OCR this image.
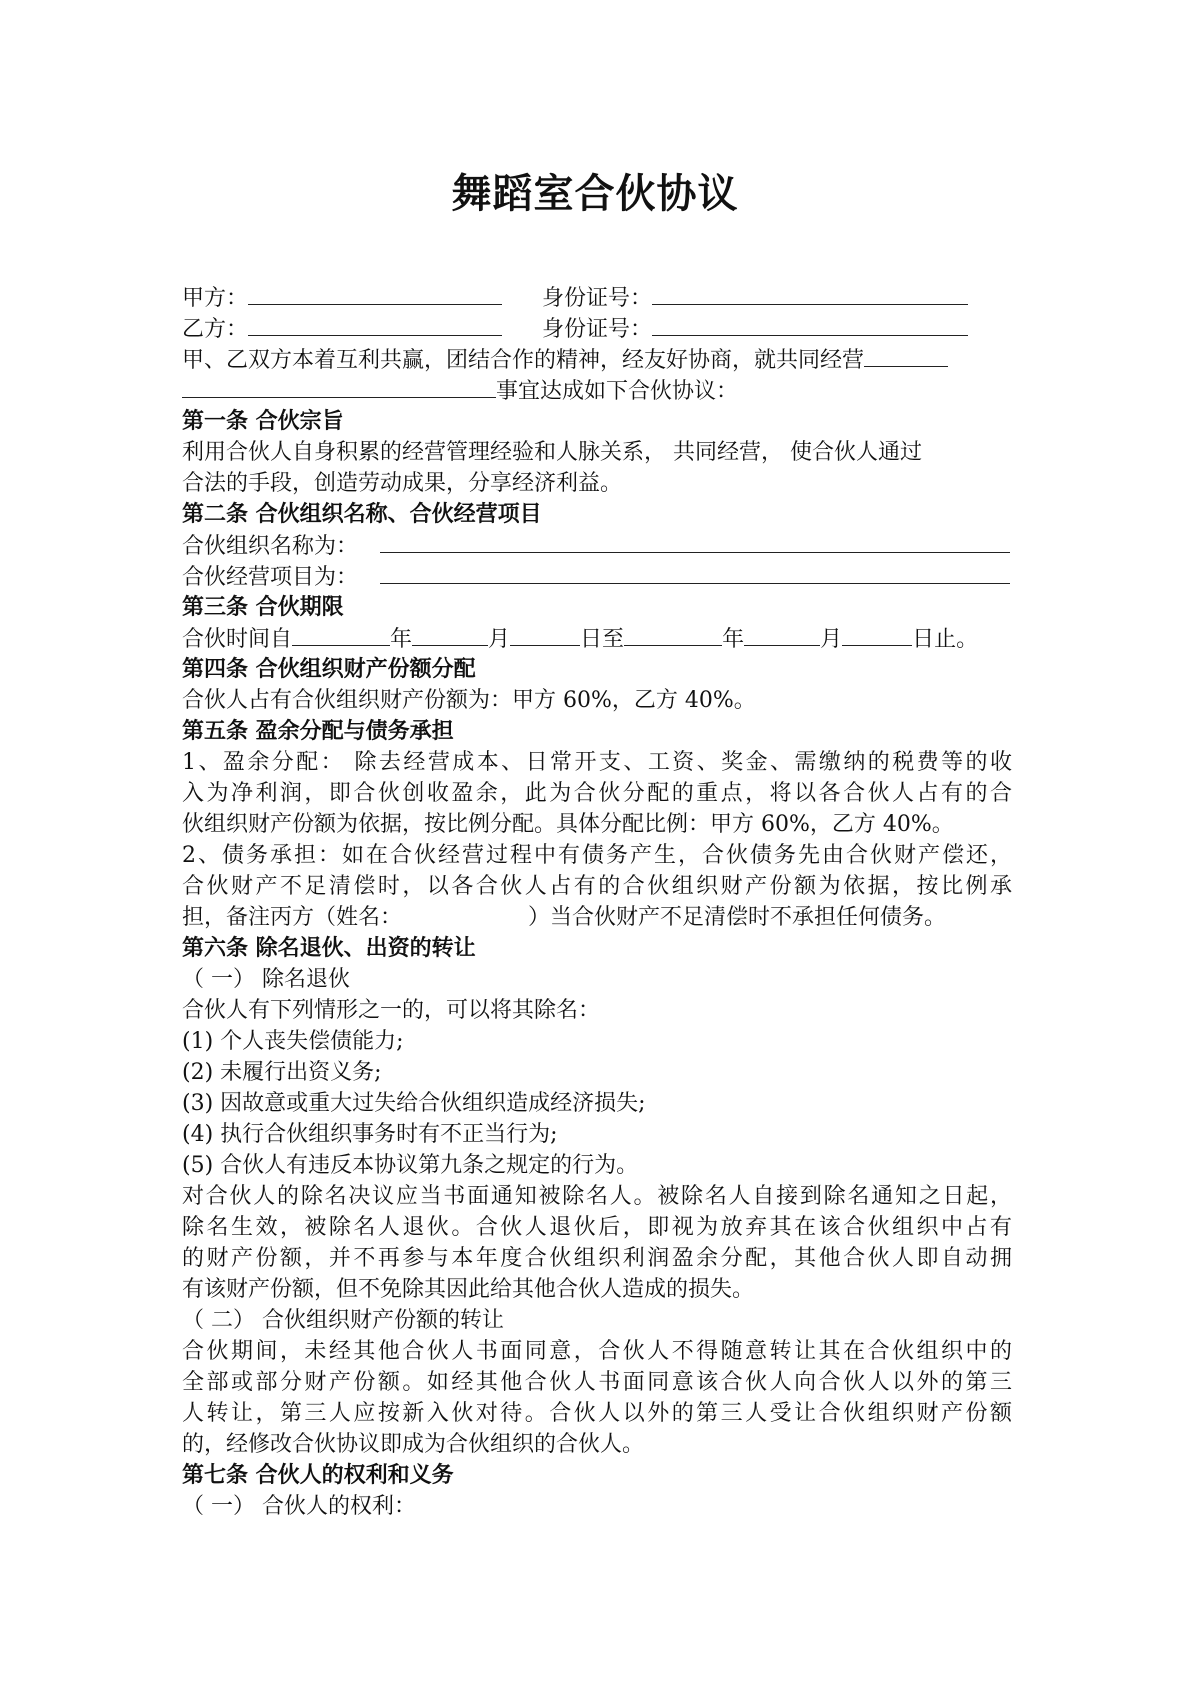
舞蹈室合伙协议
甲方：	身份证号：
乙方：	身份证号：
甲、乙双方本着互利共赢，团结合作的精神，经友好协商，就共同经营
事宜达成如下合伙协议：
第一条 合伙宗旨
利用合伙人自身积累的经营管理经验和人脉关系， 共同经营， 使合伙人通过
合法的手段，创造劳动成果，分享经济利益。
第二条 合伙组织名称、合伙经营项目
合伙组织名称为：
合伙经营项目为：
第三条 合伙期限
合伙时间自	年	月	日至	年	月	日止。
第四条 合伙组织财产份额分配
合伙人占有合伙组织财产份额为：甲方 60%，乙方 40%。
第五条 盈余分配与债务承担
1、盈余分配： 除去经营成本、日常开支、工资、奖金、需缴纳的税费等的收
入为净利润，即合伙创收盈余，此为合伙分配的重点，将以各合伙人占有的合
伙组织财产份额为依据，按比例分配。具体分配比例：甲方 60%，乙方 40%。
2、债务承担：如在合伙经营过程中有债务产生，合伙债务先由合伙财产偿还，
合伙财产不足清偿时，以各合伙人占有的合伙组织财产份额为依据，按比例承
担，备注丙方（姓名：	）当合伙财产不足清偿时不承担任何债务。
第六条 除名退伙、出资的转让
（ 一） 除名退伙
合伙人有下列情形之一的，可以将其除名：
(1) 个人丧失偿债能力;
(2) 未履行出资义务;
(3) 因故意或重大过失给合伙组织造成经济损失;
(4) 执行合伙组织事务时有不正当行为;
(5) 合伙人有违反本协议第九条之规定的行为。
对合伙人的除名决议应当书面通知被除名人。被除名人自接到除名通知之日起，
除名生效，被除名人退伙。合伙人退伙后，即视为放弃其在该合伙组织中占有
的财产份额，并不再参与本年度合伙组织利润盈余分配，其他合伙人即自动拥
有该财产份额，但不免除其因此给其他合伙人造成的损失。
（ 二） 合伙组织财产份额的转让
合伙期间，未经其他合伙人书面同意，合伙人不得随意转让其在合伙组织中的
全部或部分财产份额。如经其他合伙人书面同意该合伙人向合伙人以外的第三
人转让，第三人应按新入伙对待。合伙人以外的第三人受让合伙组织财产份额
的，经修改合伙协议即成为合伙组织的合伙人。
第七条 合伙人的权利和义务
（ 一） 合伙人的权利：
